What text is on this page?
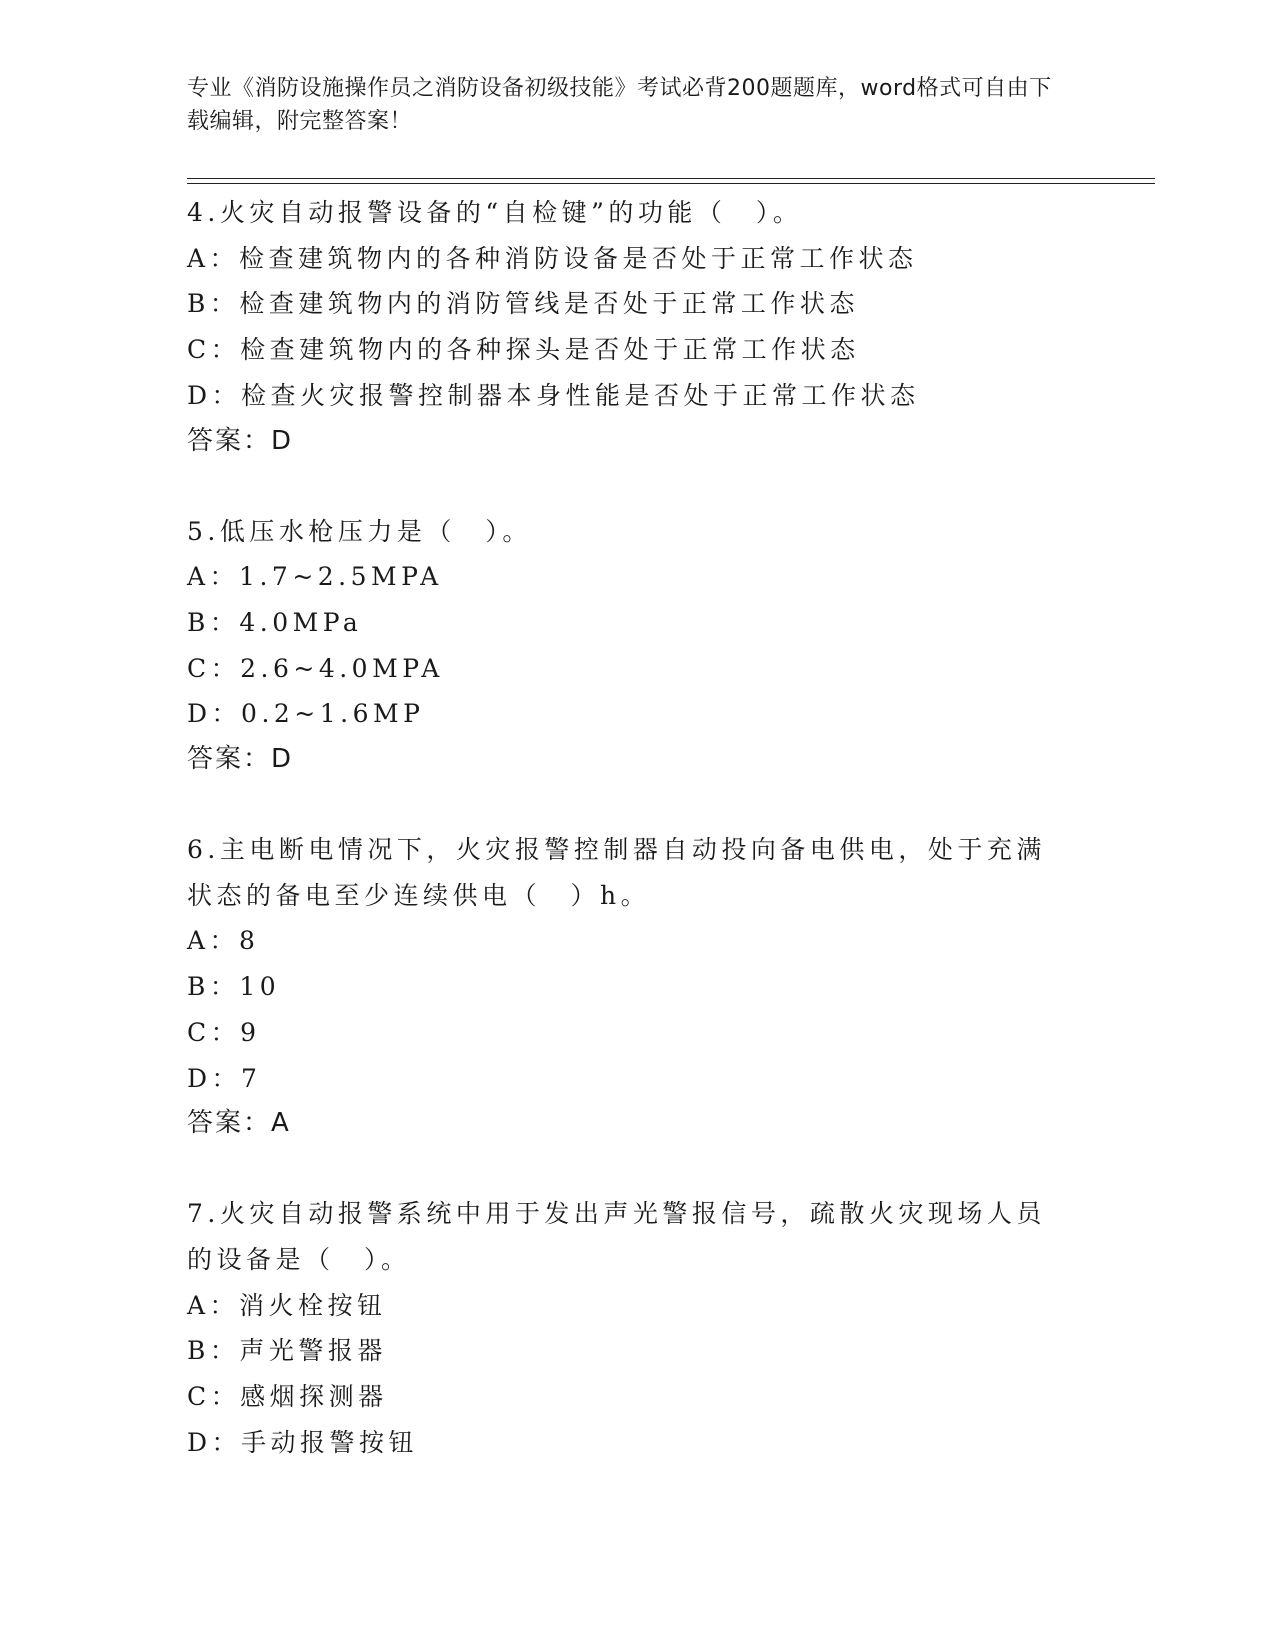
专业《消防设施操作员之消防设备初级技能》考试必背200题题库，word格式可自由下载编辑，附完整答案！

4.火灾自动报警设备的“自检键”的功能（　）。

A：检查建筑物内的各种消防设备是否处于正常工作状态

B：检查建筑物内的消防管线是否处于正常工作状态

C：检查建筑物内的各种探头是否处于正常工作状态

D：检查火灾报警控制器本身性能是否处于正常工作状态

答案：D

5.低压水枪压力是（　）。

A：1.7~2.5MPA

B：4.0MPa

C：2.6~4.0MPA

D：0.2~1.6MP

答案：D

6.主电断电情况下，火灾报警控制器自动投向备电供电，处于充满状态的备电至少连续供电（　）h。

A：8

B：10

C：9

D：7

答案：A

7.火灾自动报警系统中用于发出声光警报信号，疏散火灾现场人员的设备是（　）。

A：消火栓按钮

B：声光警报器

C：感烟探测器

D：手动报警按钮
